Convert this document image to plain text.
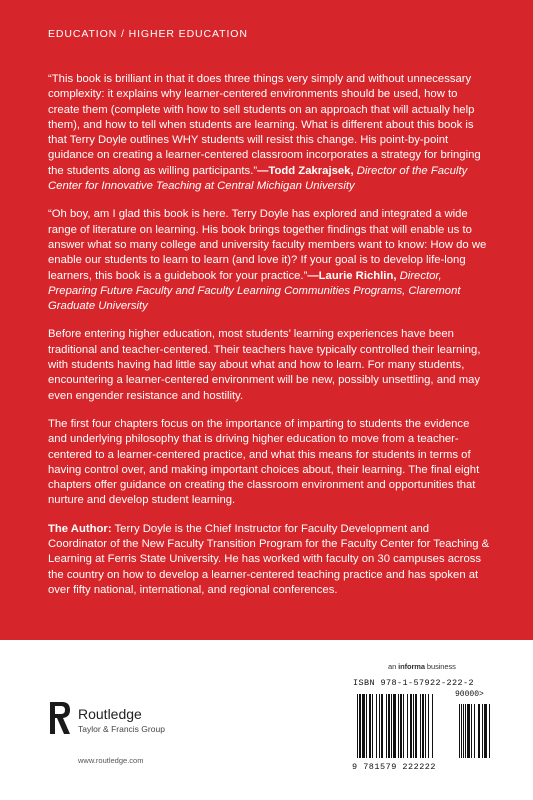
EDUCATION / HIGHER EDUCATION

“This book is brilliant in that it does three things very simply and without unnecessary complexity: it explains why learner-centered environments should be used, how to create them (complete with how to sell students on an approach that will actually help them), and how to tell when students are learning. What is different about this book is that Terry Doyle outlines WHY students will resist this change. His point-by-point guidance on creating a learner-centered classroom incorporates a strategy for bringing the students along as willing participants.”—Todd Zakrajsek, Director of the Faculty Center for Innovative Teaching at Central Michigan University

“Oh boy, am I glad this book is here. Terry Doyle has explored and integrated a wide range of literature on learning. His book brings together findings that will enable us to answer what so many college and university faculty members want to know: How do we enable our students to learn to learn (and love it)? If your goal is to develop life-long learners, this book is a guidebook for your practice.”—Laurie Richlin, Director, Preparing Future Faculty and Faculty Learning Communities Programs, Claremont Graduate University

Before entering higher education, most students’ learning experiences have been traditional and teacher-centered. Their teachers have typically controlled their learning, with students having had little say about what and how to learn. For many students, encountering a learner-centered environment will be new, possibly unsettling, and may even engender resistance and hostility.

The first four chapters focus on the importance of imparting to students the evidence and underlying philosophy that is driving higher education to move from a teacher-centered to a learner-centered practice, and what this means for students in terms of having control over, and making important choices about, their learning. The final eight chapters offer guidance on creating the classroom environment and opportunities that nurture and develop student learning.

The Author: Terry Doyle is the Chief Instructor for Faculty Development and Coordinator of the New Faculty Transition Program for the Faculty Center for Teaching & Learning at Ferris State University. He has worked with faculty on 30 campuses across the country on how to develop a learner-centered teaching practice and has spoken at over fifty national, international, and regional conferences.

Routledge
Taylor & Francis Group
www.routledge.com
an informa business
ISBN 978-1-57922-222-2
90000>
9 781579 222222
